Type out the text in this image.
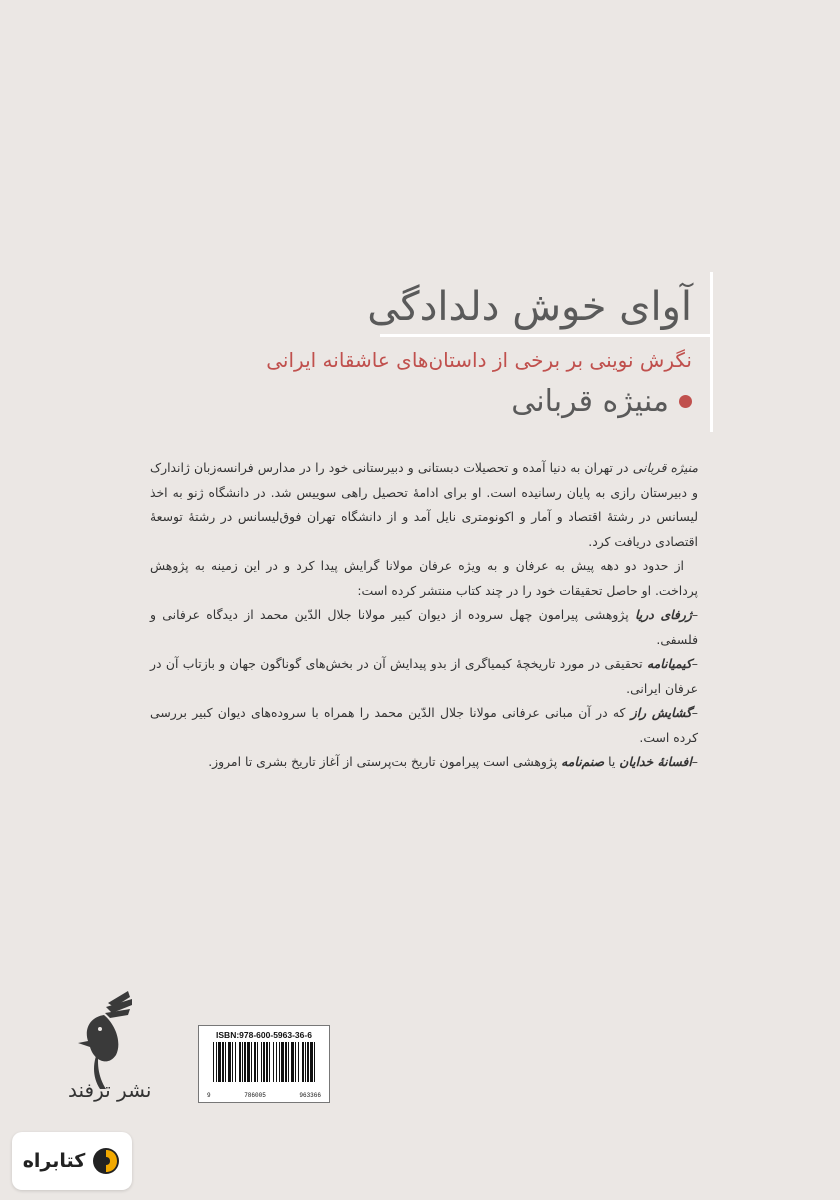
آوای خوش دلدادگی
نگرش نوینی بر برخی از داستان‌های عاشقانه ایرانی
منیژه قربانی

منیژه قربانی در تهران به دنیا آمده و تحصیلات دبستانی و دبیرستانی خود را در مدارس فرانسه‌زبان ژاندارک و دبیرستان رازی به پایان رسانیده است. او برای ادامهٔ تحصیل راهی سوییس شد. در دانشگاه ژنو به اخذ لیسانس در رشتهٔ اقتصاد و آمار و اکونومتری نایل آمد و از دانشگاه تهران فوق‌لیسانس در رشتهٔ توسعهٔ اقتصادی دریافت کرد.

از حدود دو دهه پیش به عرفان و به ویژه عرفان مولانا گرایش پیدا کرد و در این زمینه به پژوهش پرداخت. او حاصل تحقیقات خود را در چند کتاب منتشر کرده است:

–ژرفای دریا پژوهشی پیرامون چهل سروده از دیوان کبیر مولانا جلال الدّین محمد از دیدگاه عرفانی و فلسفی.
–کیمیانامه تحقیقی در مورد تاریخچهٔ کیمیاگری از بدو پیدایش آن در بخش‌های گوناگون جهان و بازتاب آن در عرفان ایرانی.
–گشایش راز که در آن مبانی عرفانی مولانا جلال الدّین محمد را همراه با سروده‌های دیوان کبیر بررسی کرده است.
–افسانهٔ خدایان یا صنم‌نامه پژوهشی است پیرامون تاریخ بت‌پرستی از آغاز تاریخ بشری تا امروز.
نشر ترفند
ISBN:978-600-5963-36-6
9	786005	963366
کتابراه
